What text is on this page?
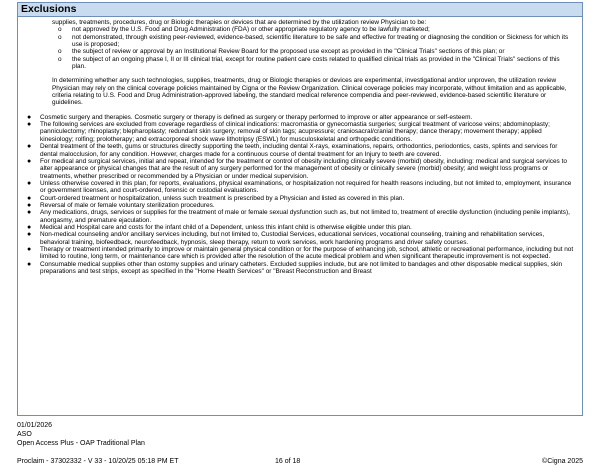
Exclusions
supplies, treatments, procedures, drug or Biologic therapies or devices that are determined by the utilization review Physician to be:
o not approved by the U.S. Food and Drug Administration (FDA) or other appropriate regulatory agency to be lawfully marketed;
o not demonstrated, through existing peer-reviewed, evidence-based, scientific literature to be safe and effective for treating or diagnosing the condition or Sickness for which its use is proposed;
o the subject of review or approval by an Institutional Review Board for the proposed use except as provided in the "Clinical Trials" sections of this plan; or
o the subject of an ongoing phase I, II or III clinical trial, except for routine patient care costs related to qualified clinical trials as provided in the "Clinical Trials" sections of this plan.
In determining whether any such technologies, supplies, treatments, drug or Biologic therapies or devices are experimental, investigational and/or unproven, the utilization review Physician may rely on the clinical coverage policies maintained by Cigna or the Review Organization. Clinical coverage policies may incorporate, without limitation and as applicable, criteria relating to U.S. Food and Drug Administration-approved labeling, the standard medical reference compendia and peer-reviewed, evidence-based scientific literature or guidelines.
● Cosmetic surgery and therapies. Cosmetic surgery or therapy is defined as surgery or therapy performed to improve or alter appearance or self-esteem.
● The following services are excluded from coverage regardless of clinical indications: macromastia or gynecomastia surgeries; surgical treatment of varicose veins; abdominoplasty; panniculectomy; rhinoplasty; blepharoplasty; redundant skin surgery; removal of skin tags; acupressure; craniosacral/cranial therapy; dance therapy; movement therapy; applied kinesiology; rolfing; prolotherapy; and extracorporeal shock wave lithotripsy (ESWL) for musculoskeletal and orthopedic conditions.
● Dental treatment of the teeth, gums or structures directly supporting the teeth, including dental X-rays, examinations, repairs, orthodontics, periodontics, casts, splints and services for dental malocclusion, for any condition. However, charges made for a continuous course of dental treatment for an Injury to teeth are covered.
● For medical and surgical services, initial and repeat, intended for the treatment or control of obesity including clinically severe (morbid) obesity, including: medical and surgical services to alter appearance or physical changes that are the result of any surgery performed for the management of obesity or clinically severe (morbid) obesity; and weight loss programs or treatments, whether prescribed or recommended by a Physician or under medical supervision.
● Unless otherwise covered in this plan, for reports, evaluations, physical examinations, or hospitalization not required for health reasons including, but not limited to, employment, insurance or government licenses, and court-ordered, forensic or custodial evaluations.
● Court-ordered treatment or hospitalization, unless such treatment is prescribed by a Physician and listed as covered in this plan.
● Reversal of male or female voluntary sterilization procedures.
● Any medications, drugs, services or supplies for the treatment of male or female sexual dysfunction such as, but not limited to, treatment of erectile dysfunction (including penile implants), anorgasmy, and premature ejaculation.
● Medical and Hospital care and costs for the infant child of a Dependent, unless this infant child is otherwise eligible under this plan.
● Non-medical counseling and/or ancillary services including, but not limited to, Custodial Services, educational services, vocational counseling, training and rehabilitation services, behavioral training, biofeedback, neurofeedback, hypnosis, sleep therapy, return to work services, work hardening programs and driver safety courses.
● Therapy or treatment intended primarily to improve or maintain general physical condition or for the purpose of enhancing job, school, athletic or recreational performance, including but not limited to routine, long term, or maintenance care which is provided after the resolution of the acute medical problem and when significant therapeutic improvement is not expected.
● Consumable medical supplies other than ostomy supplies and urinary catheters. Excluded supplies include, but are not limited to bandages and other disposable medical supplies, skin preparations and test strips, except as specified in the "Home Health Services" or "Breast Reconstruction and Breast
01/01/2026
ASO
Open Access Plus - OAP Traditional Plan
Proclaim - 37302332 - V 33 - 10/20/25 05:18 PM ET	16 of 18	©Cigna 2025
